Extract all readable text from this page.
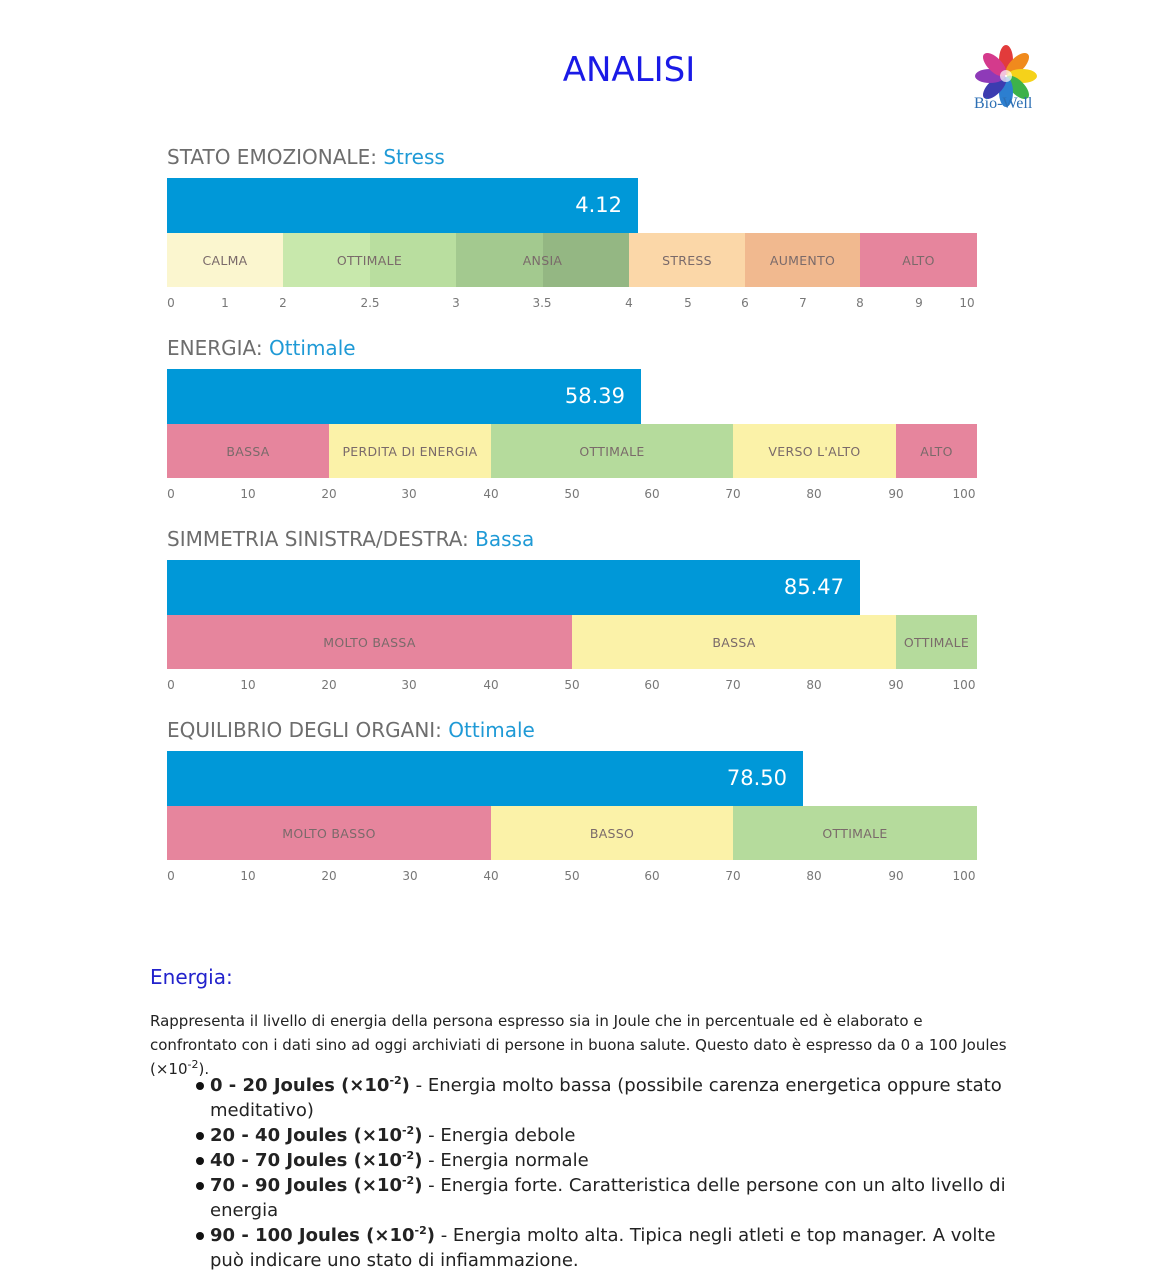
ANALISI
Bio-Well
STATO EMOZIONALE: Stress
4.12
CALMA	OTTIMALE	ANSIA	STRESS	AUMENTO	ALTO
0	1	2	2.5	3	3.5	4	5	6	7	8	9	10
ENERGIA: Ottimale
58.39
BASSA	PERDITA DI ENERGIA	OTTIMALE	VERSO L'ALTO	ALTO
0	10	20	30	40	50	60	70	80	90	100
SIMMETRIA SINISTRA/DESTRA: Bassa
85.47
MOLTO BASSA	BASSA	OTTIMALE
0	10	20	30	40	50	60	70	80	90	100
EQUILIBRIO DEGLI ORGANI: Ottimale
78.50
MOLTO BASSO	BASSO	OTTIMALE
0	10	20	30	40	50	60	70	80	90	100
Energia:
Rappresenta il livello di energia della persona espresso sia in Joule che in percentuale ed è elaborato e confrontato con i dati sino ad oggi archiviati di persone in buona salute. Questo dato è espresso da 0 a 100 Joules $(\times 10^{-2})$.
0 - 20 Joules $(\times 10^{-2})$ - Energia molto bassa (possibile carenza energetica oppure stato meditativo)
20 - 40 Joules $(\times 10^{-2})$ - Energia debole
40 - 70 Joules $(\times 10^{-2})$ - Energia normale
70 - 90 Joules $(\times 10^{-2})$ - Energia forte. Caratteristica delle persone con un alto livello di energia
90 - 100 Joules $(\times 10^{-2})$ - Energia molto alta. Tipica negli atleti e top manager. A volte può indicare uno stato di infiammazione.
